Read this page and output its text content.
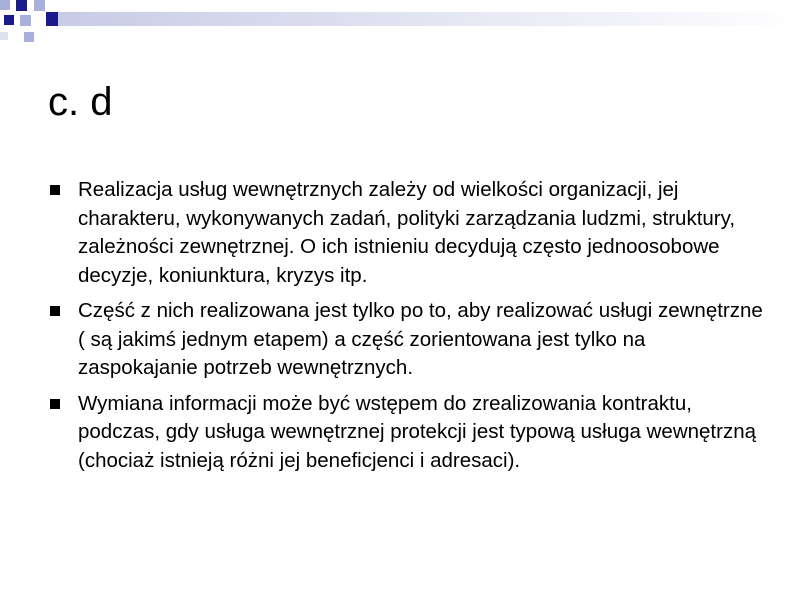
c. d
Realizacja usług wewnętrznych zależy od wielkości organizacji, jej charakteru, wykonywanych zadań, polityki zarządzania ludzmi, struktury, zależności zewnętrznej. O ich istnieniu decydują często jednoosobowe decyzje, koniunktura, kryzys itp.
Część z nich realizowana jest tylko po to, aby realizować usługi zewnętrzne ( są jakimś jednym etapem) a część zorientowana jest tylko na zaspokajanie potrzeb wewnętrznych.
Wymiana informacji może być wstępem do zrealizowania kontraktu, podczas, gdy usługa wewnętrznej protekcji jest typową usługa wewnętrzną (chociaż istnieją różni jej beneficjenci i adresaci).
